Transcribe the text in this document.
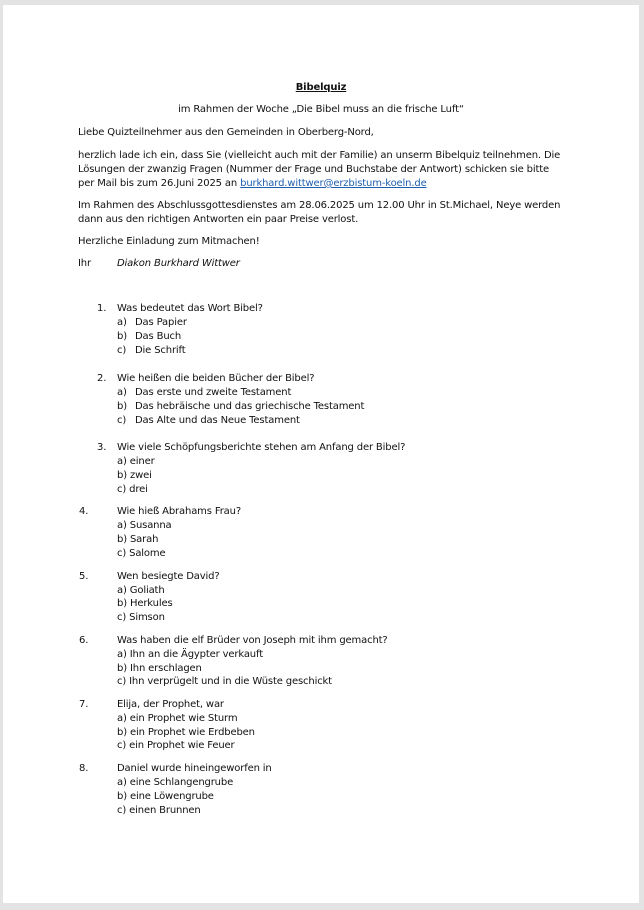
Bibelquiz
im Rahmen der Woche „Die Bibel muss an die frische Luft“
Liebe Quizteilnehmer aus den Gemeinden in Oberberg-Nord,
herzlich lade ich ein, dass Sie (vielleicht auch mit der Familie) an unserm Bibelquiz teilnehmen. Die Lösungen der zwanzig Fragen (Nummer der Frage und Buchstabe der Antwort) schicken sie bitte per Mail bis zum 26.Juni 2025 an burkhard.wittwer@erzbistum-koeln.de
Im Rahmen des Abschlussgottesdienstes am 28.06.2025 um 12.00 Uhr in St.Michael, Neye werden dann aus den richtigen Antworten ein paar Preise verlost.
Herzliche Einladung zum Mitmachen!
Ihr	Diakon Burkhard Wittwer
1. Was bedeutet das Wort Bibel?
a) Das Papier
b) Das Buch
c) Die Schrift
2. Wie heißen die beiden Bücher der Bibel?
a) Das erste und zweite Testament
b) Das hebräische und das griechische Testament
c) Das Alte und das Neue Testament
3. Wie viele Schöpfungsberichte stehen am Anfang der Bibel?
a) einer
b) zwei
c) drei
4.	Wie hieß Abrahams Frau?
a) Susanna
b) Sarah
c) Salome
5.	Wen besiegte David?
a) Goliath
b) Herkules
c) Simson
6.	Was haben die elf Brüder von Joseph mit ihm gemacht?
a) Ihn an die Ägypter verkauft
b) Ihn erschlagen
c) Ihn verprügelt und in die Wüste geschickt
7.	Elija, der Prophet, war
a) ein Prophet wie Sturm
b) ein Prophet wie Erdbeben
c) ein Prophet wie Feuer
8.	Daniel wurde hineingeworfen in
a) eine Schlangengrube
b) eine Löwengrube
c) einen Brunnen
